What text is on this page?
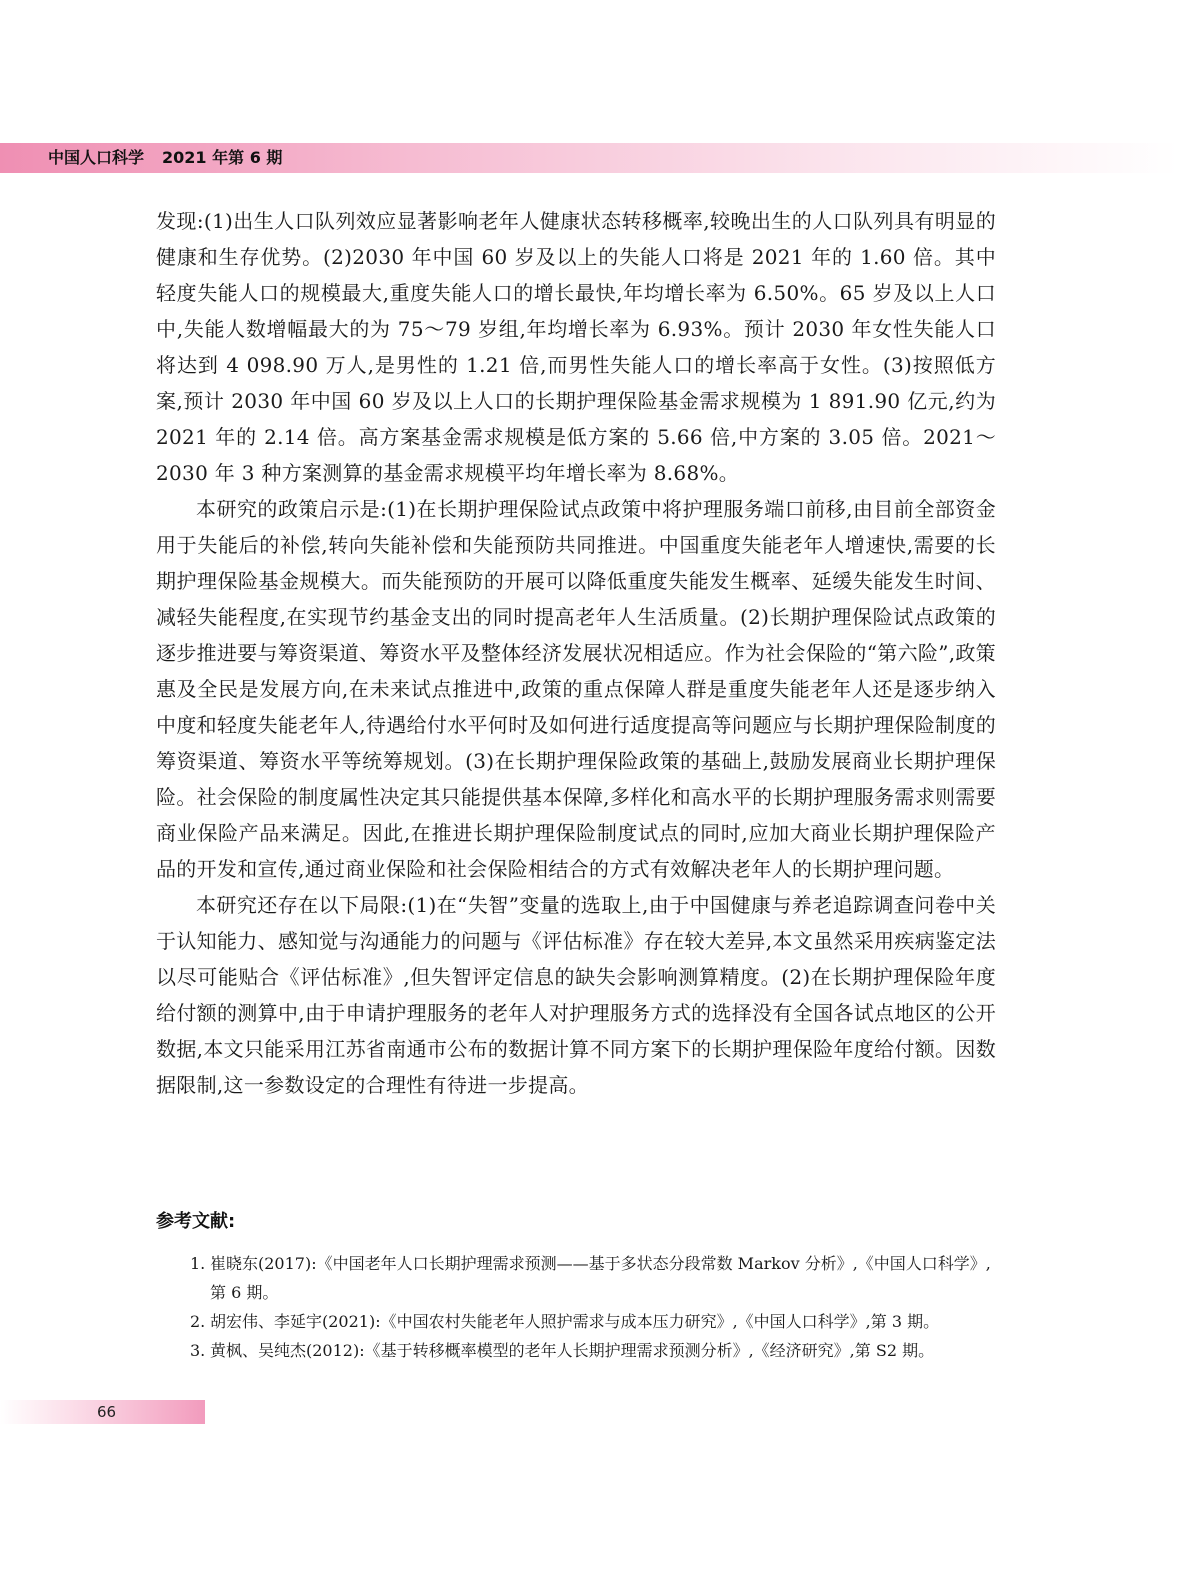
中国人口科学 2021 年第 6 期

发现:(1)出生人口队列效应显著影响老年人健康状态转移概率,较晚出生的人口队列具有明显的健康和生存优势。(2)2030 年中国 60 岁及以上的失能人口将是 2021 年的 1.60 倍。其中轻度失能人口的规模最大,重度失能人口的增长最快,年均增长率为 6.50%。65 岁及以上人口中,失能人数增幅最大的为 75～79 岁组,年均增长率为 6.93%。预计 2030 年女性失能人口将达到 4 098.90 万人,是男性的 1.21 倍,而男性失能人口的增长率高于女性。(3)按照低方案,预计 2030 年中国 60 岁及以上人口的长期护理保险基金需求规模为 1 891.90 亿元,约为 2021 年的 2.14 倍。高方案基金需求规模是低方案的 5.66 倍,中方案的 3.05 倍。2021～2030 年 3 种方案测算的基金需求规模平均年增长率为 8.68%。

本研究的政策启示是:(1)在长期护理保险试点政策中将护理服务端口前移,由目前全部资金用于失能后的补偿,转向失能补偿和失能预防共同推进。中国重度失能老年人增速快,需要的长期护理保险基金规模大。而失能预防的开展可以降低重度失能发生概率、延缓失能发生时间、减轻失能程度,在实现节约基金支出的同时提高老年人生活质量。(2)长期护理保险试点政策的逐步推进要与筹资渠道、筹资水平及整体经济发展状况相适应。作为社会保险的“第六险”,政策惠及全民是发展方向,在未来试点推进中,政策的重点保障人群是重度失能老年人还是逐步纳入中度和轻度失能老年人,待遇给付水平何时及如何进行适度提高等问题应与长期护理保险制度的筹资渠道、筹资水平等统筹规划。(3)在长期护理保险政策的基础上,鼓励发展商业长期护理保险。社会保险的制度属性决定其只能提供基本保障,多样化和高水平的长期护理服务需求则需要商业保险产品来满足。因此,在推进长期护理保险制度试点的同时,应加大商业长期护理保险产品的开发和宣传,通过商业保险和社会保险相结合的方式有效解决老年人的长期护理问题。

本研究还存在以下局限:(1)在“失智”变量的选取上,由于中国健康与养老追踪调查问卷中关于认知能力、感知觉与沟通能力的问题与《评估标准》存在较大差异,本文虽然采用疾病鉴定法以尽可能贴合《评估标准》,但失智评定信息的缺失会影响测算精度。(2)在长期护理保险年度给付额的测算中,由于申请护理服务的老年人对护理服务方式的选择没有全国各试点地区的公开数据,本文只能采用江苏省南通市公布的数据计算不同方案下的长期护理保险年度给付额。因数据限制,这一参数设定的合理性有待进一步提高。

参考文献:
1. 崔晓东(2017):《中国老年人口长期护理需求预测——基于多状态分段常数 Markov 分析》,《中国人口科学》,第 6 期。
2. 胡宏伟、李延宇(2021):《中国农村失能老年人照护需求与成本压力研究》,《中国人口科学》,第 3 期。
3. 黄枫、吴纯杰(2012):《基于转移概率模型的老年人长期护理需求预测分析》,《经济研究》,第 S2 期。
66
